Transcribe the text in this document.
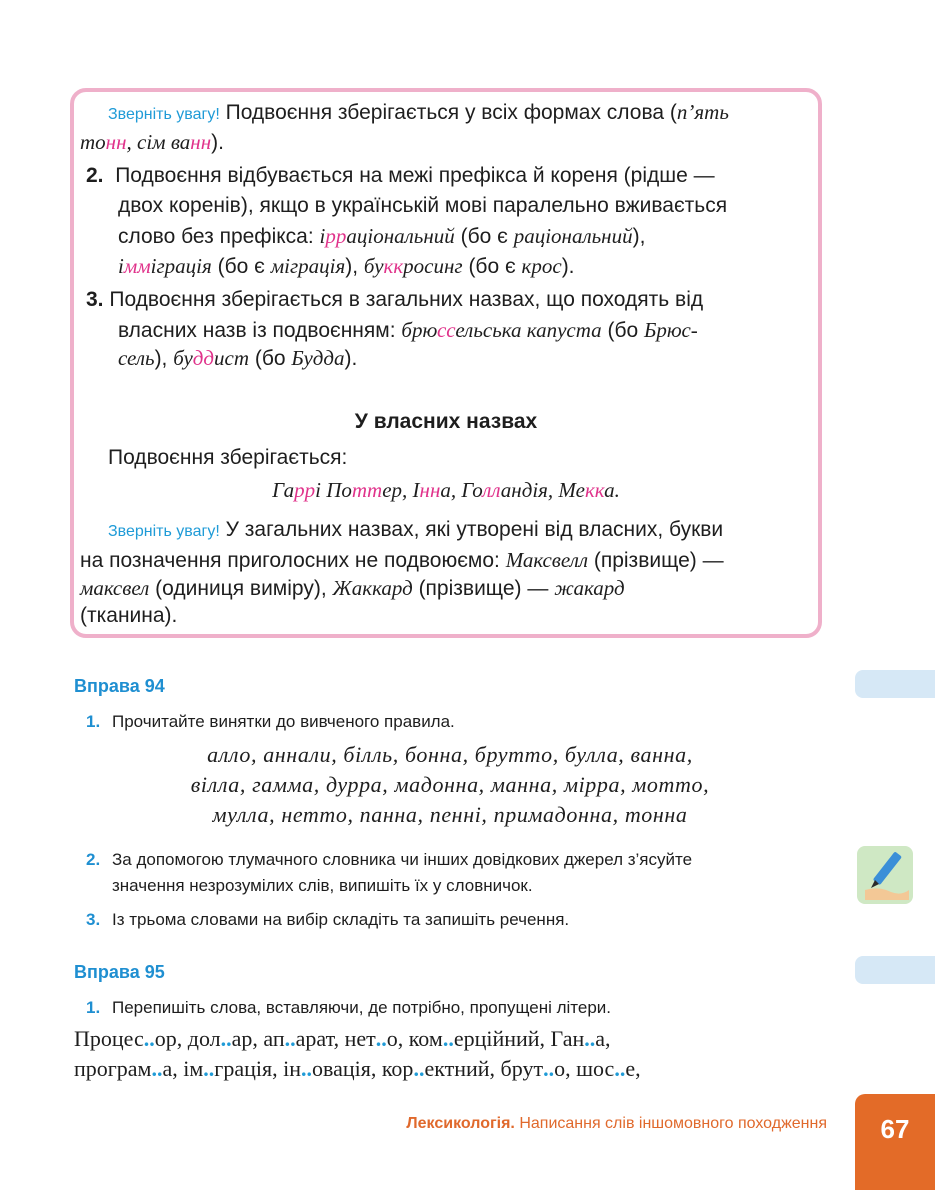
Зверніть увагу! Подвоєння зберігається у всіх формах слова (п’ять
тонн, сім ванн).
2. Подвоєння відбувається на межі префікса й кореня (рідше —
двох коренів), якщо в українській мові паралельно вживається
слово без префікса: ірраціональний (бо є раціональний),
імміграція (бо є міграція), буккросинг (бо є крос).
3. Подвоєння зберігається в загальних назвах, що походять від
власних назв із подвоєнням: брюссельська капуста (бо Брюс-
сель), буддист (бо Будда).
У власних назвах
Подвоєння зберігається:
Гаррі Поттер, Інна, Голландія, Мекка.
Зверніть увагу! У загальних назвах, які утворені від власних, букви
на позначення приголосних не подвоюємо: Максвелл (прізвище) —
максвел (одиниця виміру), Жаккард (прізвище) — жакард
(тканина).
Вправа 94
1. Прочитайте винятки до вивченого правила.
алло, аннали, білль, бонна, брутто, булла, ванна,
вілла, гамма, дурра, мадонна, манна, мірра, мотто,
мулла, нетто, панна, пенні, примадонна, тонна
2. За допомогою тлумачного словника чи інших довідкових джерел з’ясуйте
значення незрозумілих слів, випишіть їх у словничок.
3. Із трьома словами на вибір складіть та запишіть речення.
Вправа 95
1. Перепишіть слова, вставляючи, де потрібно, пропущені літери.
Процес..ор, дол..ар, ап..арат, нет..о, ком..ерційний, Ган..а,
програм..а, ім..грація, ін..овація, кор..ектний, брут..о, шос..е,
Лексикологія. Написання слів іншомовного походження	67
